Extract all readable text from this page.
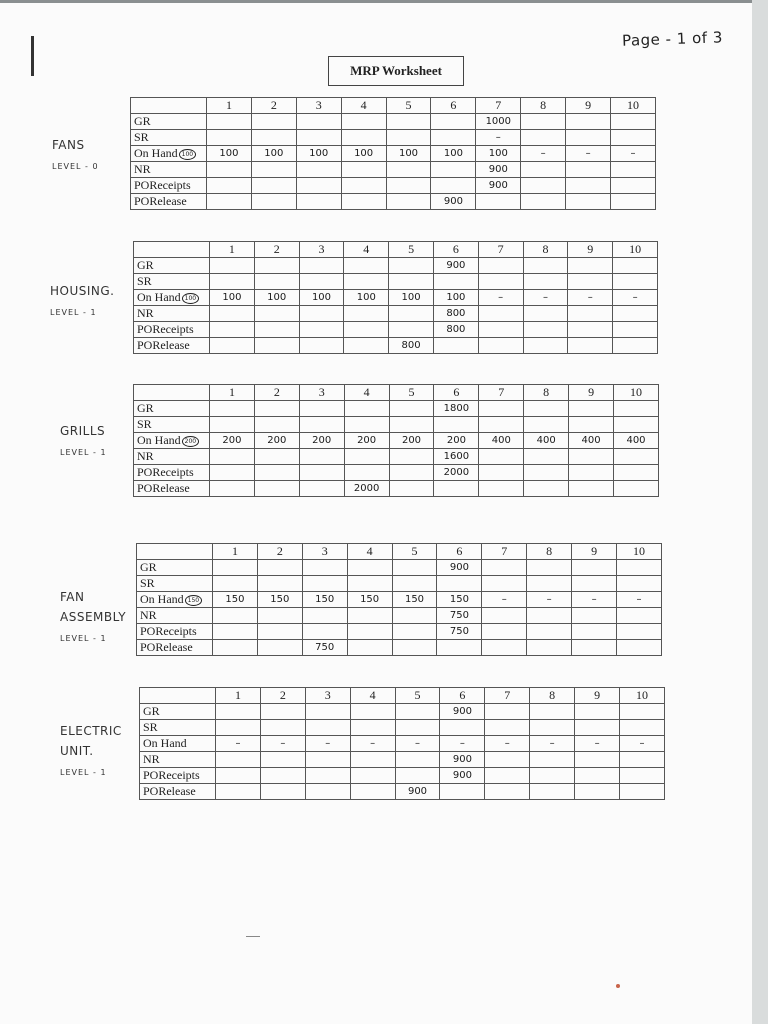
Page - 1 of 3
MRP Worksheet
FANS
LEVEL - 0
HOUSING.
LEVEL - 1
GRILLS
LEVEL - 1
FAN ASSEMBLY
LEVEL - 1
ELECTRIC UNIT.
LEVEL - 1
	1	2	3	4	5	6	7	8	9	10
GR							1000			
SR							–			
On Hand 100	100	100	100	100	100	100	100	–	–	–
NR							900			
POReceipts							900			
PORelease						900				
	1	2	3	4	5	6	7	8	9	10
GR						900				
SR										
On Hand 100	100	100	100	100	100	100	–	–	–	–
NR						800				
POReceipts						800				
PORelease					800					
	1	2	3	4	5	6	7	8	9	10
GR						1800				
SR										
On Hand 200	200	200	200	200	200	200	400	400	400	400
NR						1600				
POReceipts						2000				
PORelease				2000						
	1	2	3	4	5	6	7	8	9	10
GR						900				
SR										
On Hand 150	150	150	150	150	150	150	–	–	–	–
NR						750				
POReceipts						750				
PORelease			750							
	1	2	3	4	5	6	7	8	9	10
GR						900				
SR										
On Hand	–	–	–	–	–	–	–	–	–	–
NR						900				
POReceipts						900				
PORelease					900					
